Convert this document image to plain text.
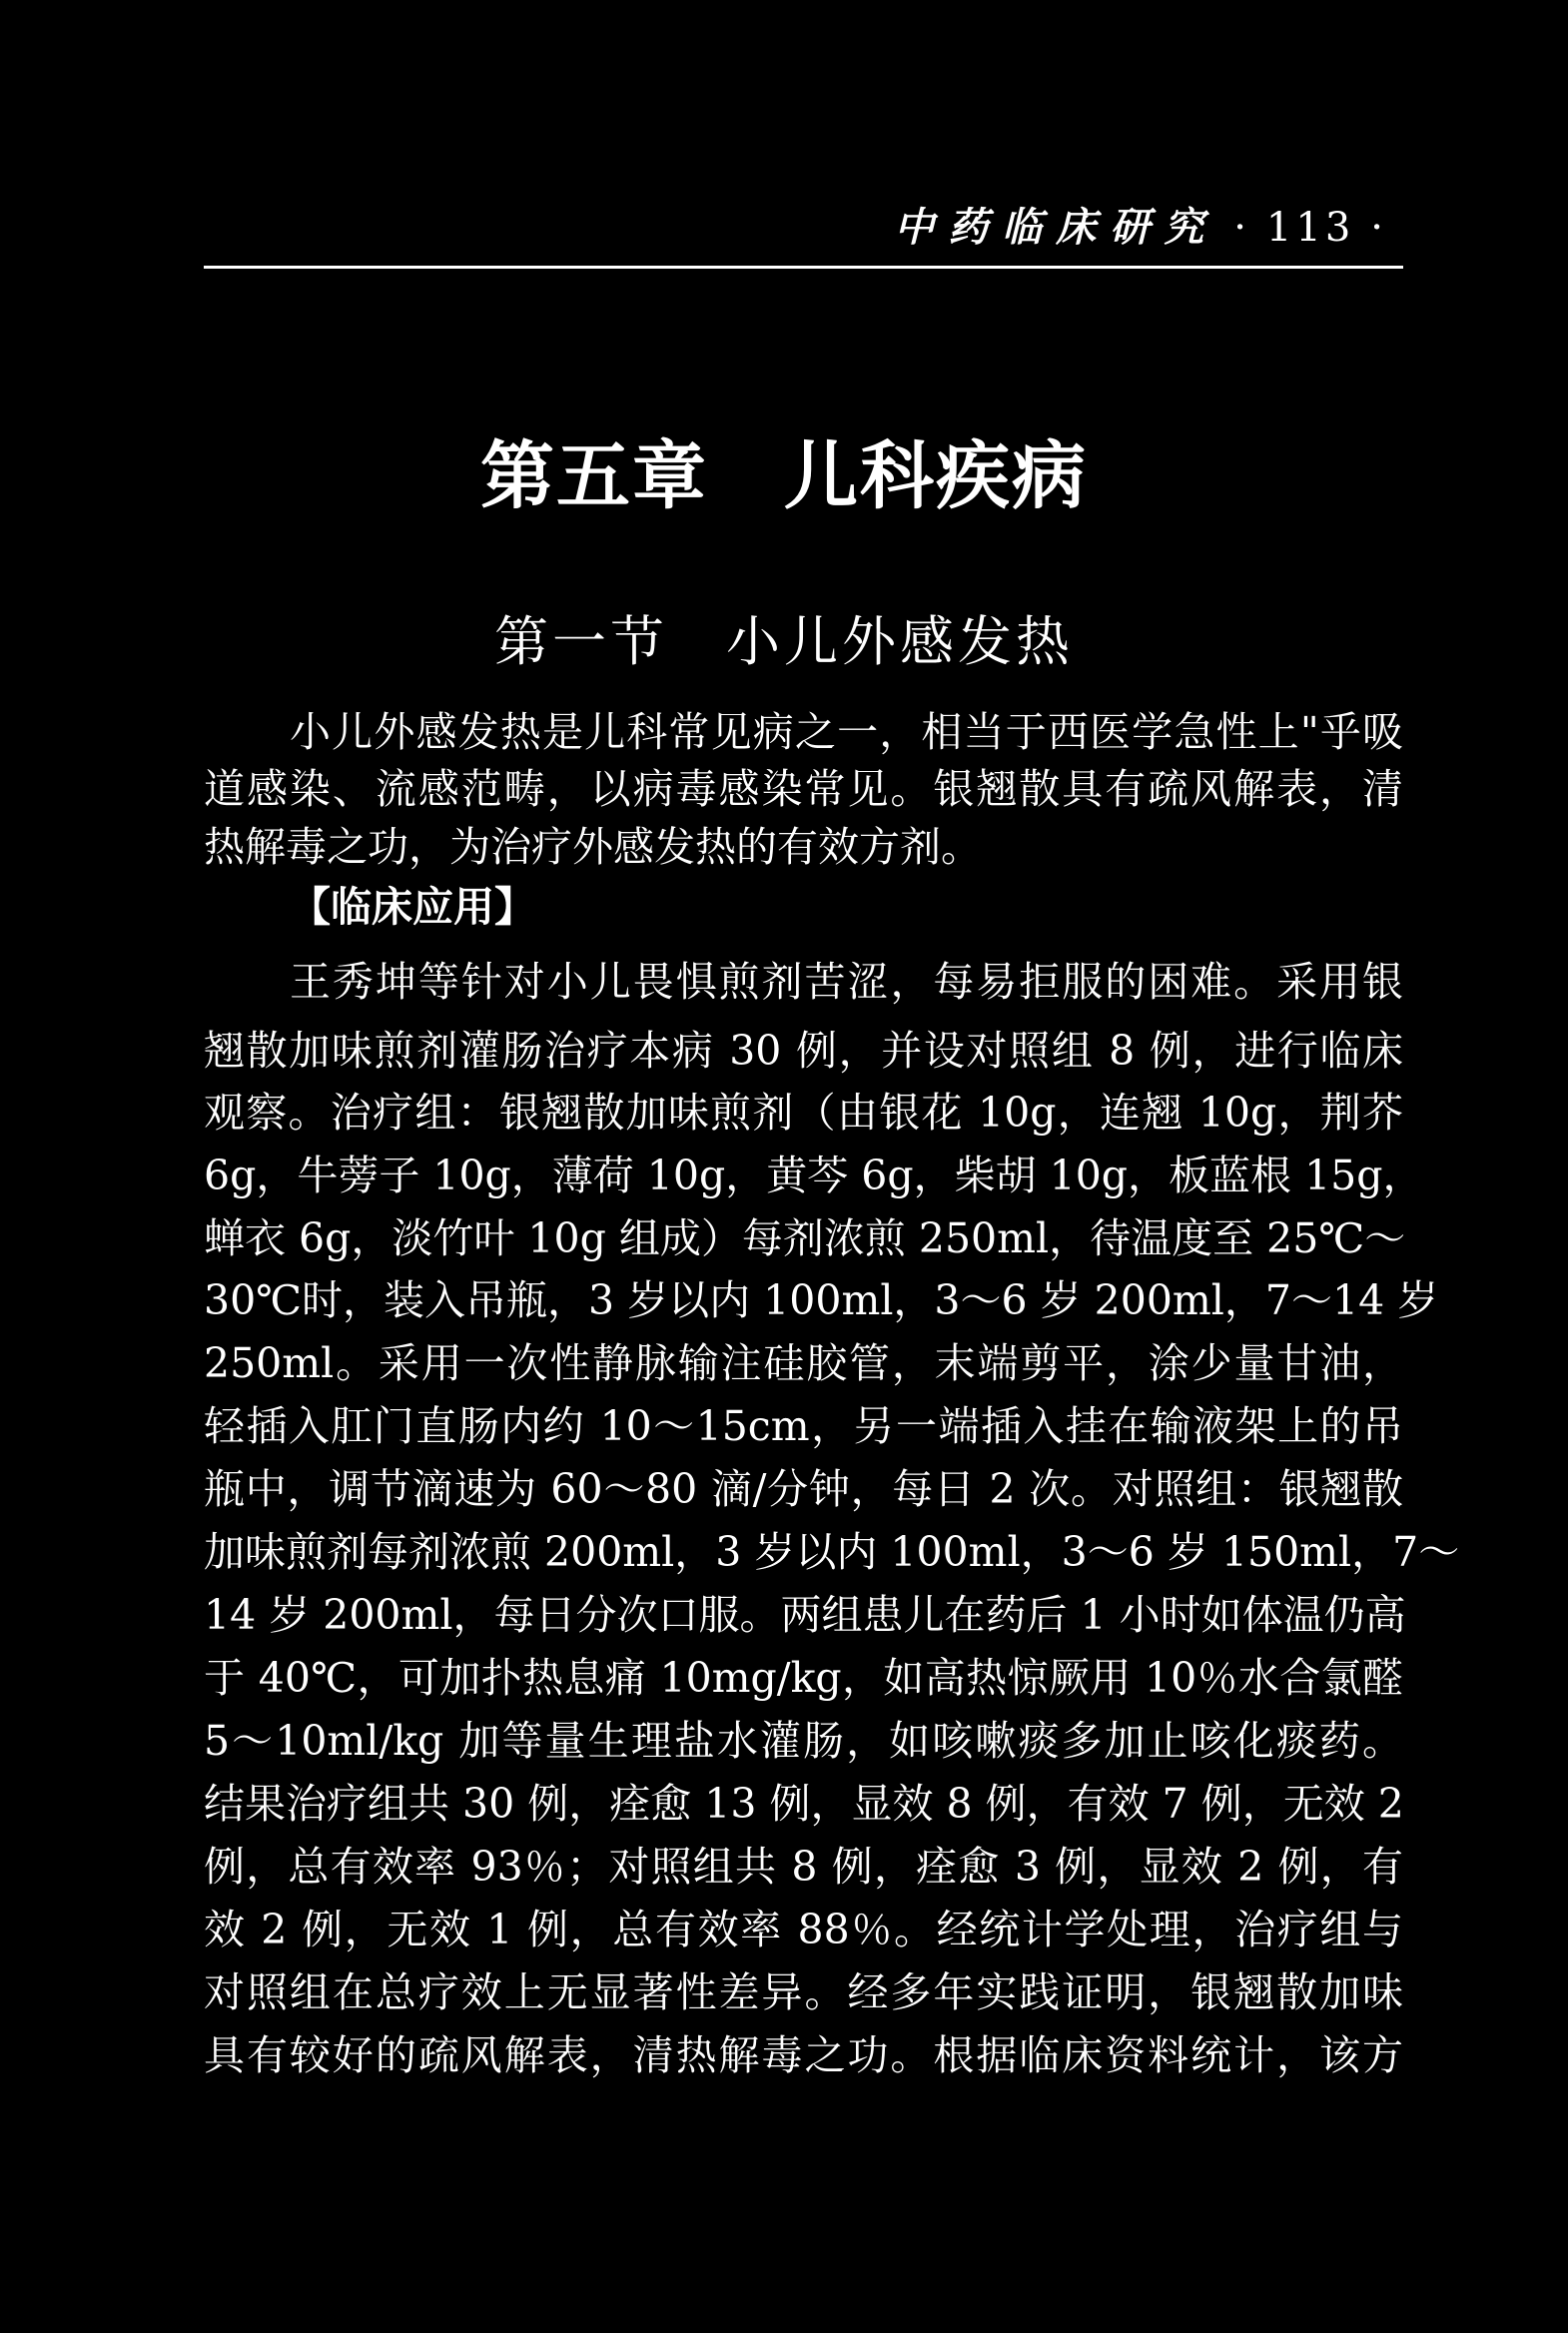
中药临床研究 · 113 ·
第五章　儿科疾病
第一节　小儿外感发热
小儿外感发热是儿科常见病之一，相当于西医学急性上"乎吸
道感染、流感范畴，以病毒感染常见。银翘散具有疏风解表，清
热解毒之功，为治疗外感发热的有效方剂。
【临床应用】
王秀坤等针对小儿畏惧煎剂苦涩，每易拒服的困难。采用银
翘散加味煎剂灌肠治疗本病 30 例，并设对照组 8 例，进行临床
观察。治疗组：银翘散加味煎剂（由银花 10g，连翘 10g，荆芥
6g，牛蒡子 10g，薄荷 10g，黄芩 6g，柴胡 10g，板蓝根 15g，
蝉衣 6g，淡竹叶 10g 组成）每剂浓煎 250ml，待温度至 25℃～
30℃时，装入吊瓶，3 岁以内 100ml，3～6 岁 200ml，7～14 岁
250ml。采用一次性静脉输注硅胶管，末端剪平，涂少量甘油，
轻插入肛门直肠内约 10～15cm，另一端插入挂在输液架上的吊
瓶中，调节滴速为 60～80 滴/分钟，每日 2 次。对照组：银翘散
加味煎剂每剂浓煎 200ml，3 岁以内 100ml，3～6 岁 150ml，7～
14 岁 200ml，每日分次口服。两组患儿在药后 1 小时如体温仍高
于 40℃，可加扑热息痛 10mg/kg，如高热惊厥用 10％水合氯醛
5～10ml/kg 加等量生理盐水灌肠，如咳嗽痰多加止咳化痰药。
结果治疗组共 30 例，痊愈 13 例，显效 8 例，有效 7 例，无效 2
例，总有效率 93％；对照组共 8 例，痊愈 3 例，显效 2 例，有
效 2 例，无效 1 例，总有效率 88％。经统计学处理，治疗组与
对照组在总疗效上无显著性差异。经多年实践证明，银翘散加味
具有较好的疏风解表，清热解毒之功。根据临床资料统计，该方
